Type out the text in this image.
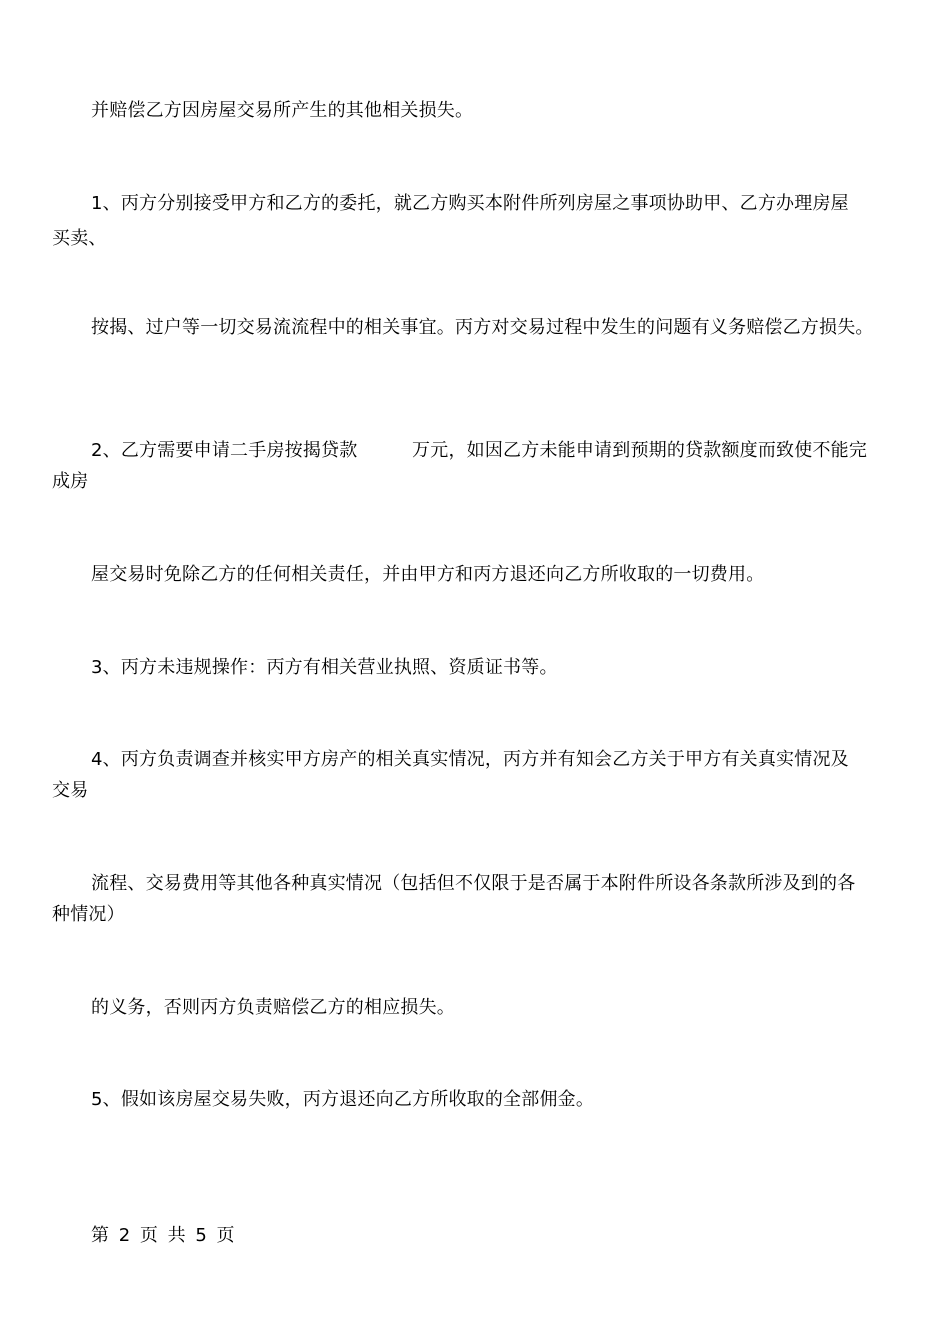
并赔偿乙方因房屋交易所产生的其他相关损失。
1、丙方分别接受甲方和乙方的委托，就乙方购买本附件所列房屋之事项协助甲、乙方办理房屋
买卖、
按揭、过户等一切交易流流程中的相关事宜。丙方对交易过程中发生的问题有义务赔偿乙方损失。
2、乙方需要申请二手房按揭贷款　　　万元，如因乙方未能申请到预期的贷款额度而致使不能完
成房
屋交易时免除乙方的任何相关责任，并由甲方和丙方退还向乙方所收取的一切费用。
3、丙方未违规操作：丙方有相关营业执照、资质证书等。
4、丙方负责调查并核实甲方房产的相关真实情况，丙方并有知会乙方关于甲方有关真实情况及
交易
流程、交易费用等其他各种真实情况（包括但不仅限于是否属于本附件所设各条款所涉及到的各
种情况）
的义务，否则丙方负责赔偿乙方的相应损失。
5、假如该房屋交易失败，丙方退还向乙方所收取的全部佣金。
第 2 页 共 5 页
